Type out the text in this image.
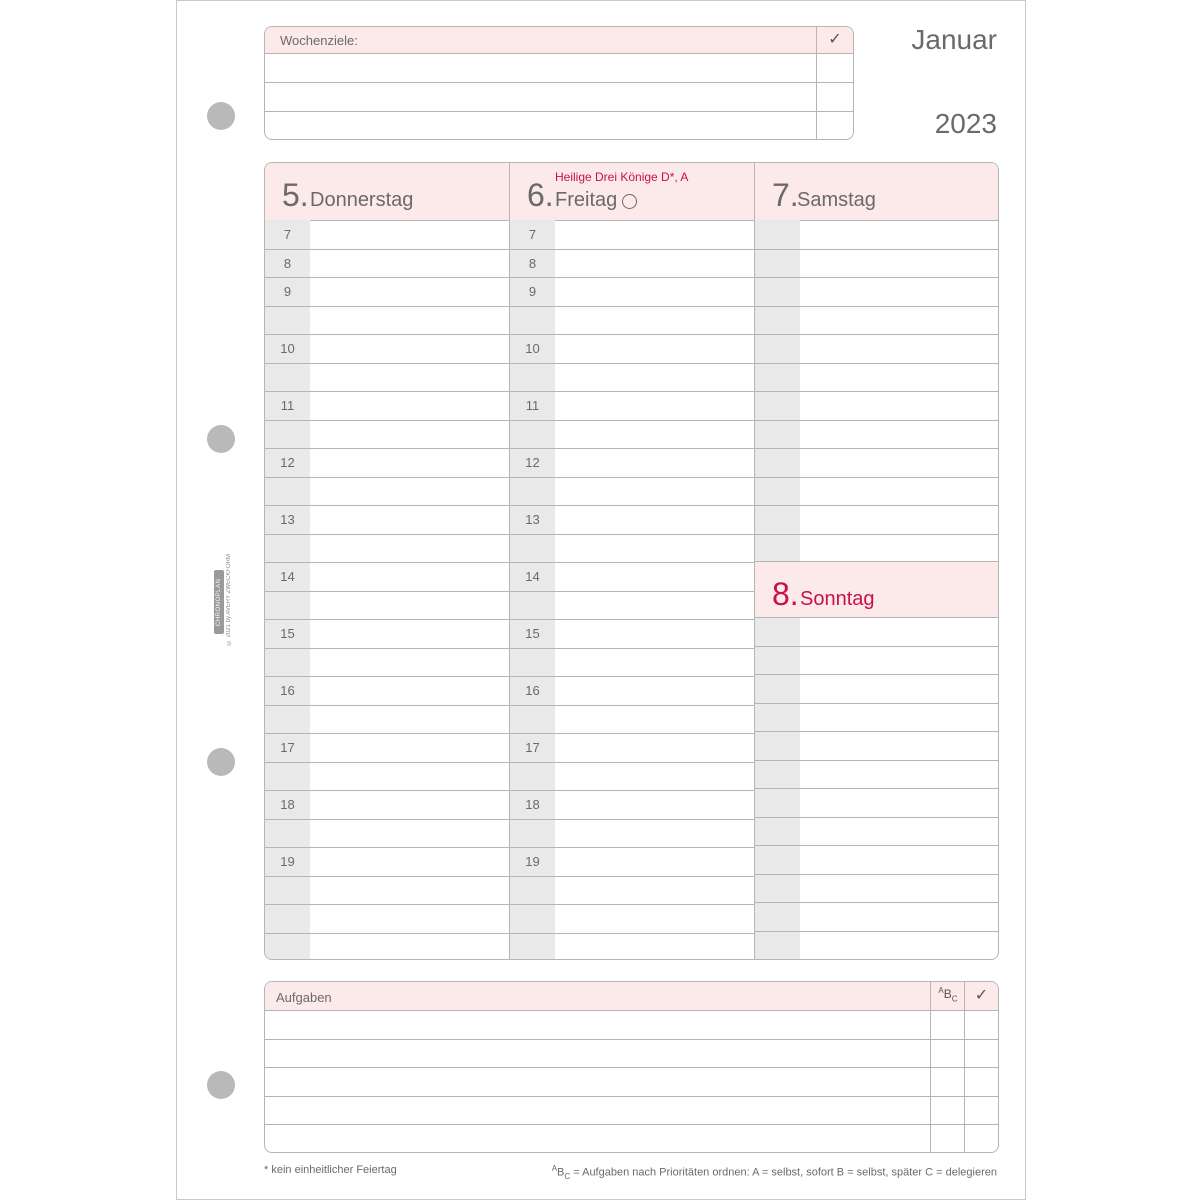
CHRONOPLAN © 2021 by AVERY ZWECKFORM
Wochenziele:	✓	Januar
2023
5. Donnerstag
7
8
9
10
11
12
13
14
15
16
17
18
19
Heilige Drei Könige D*, A
6. Freitag
7
8
9
10
11
12
13
14
15
16
17
18
19
7.
Samstag
8. Sonntag
Aufgaben	$^AB_C$	✓
* kein einheitlicher Feiertag	$^AB_C$ = Aufgaben nach Prioritäten ordnen: A = selbst, sofort B = selbst, später C = delegieren
